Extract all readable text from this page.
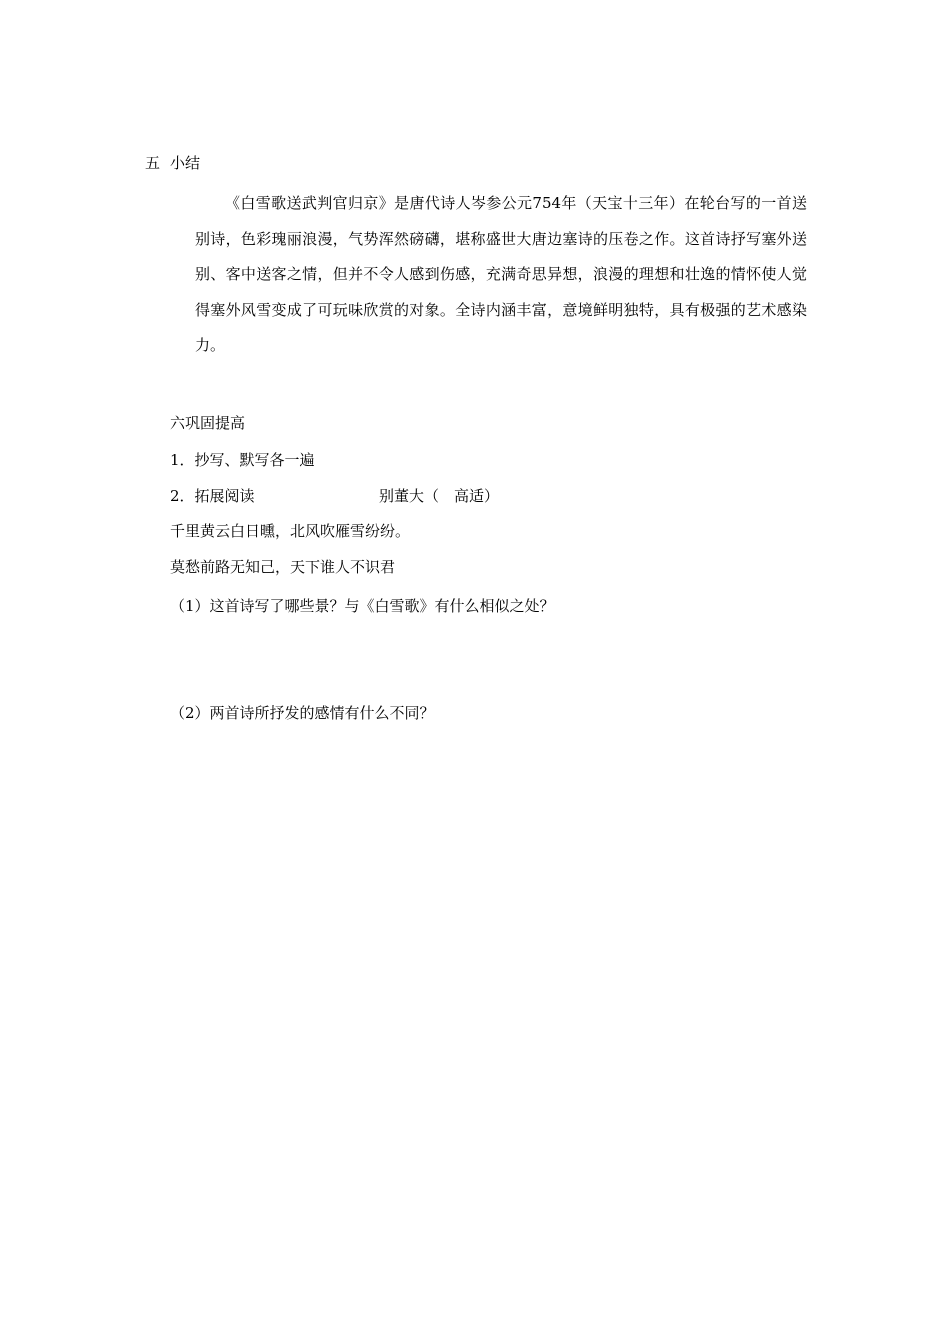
五 小结

《白雪歌送武判官归京》是唐代诗人岑参公元754年（天宝十三年）在轮台写的一首送别诗，色彩瑰丽浪漫，气势浑然磅礴，堪称盛世大唐边塞诗的压卷之作。这首诗抒写塞外送别、客中送客之情，但并不令人感到伤感，充满奇思异想，浪漫的理想和壮逸的情怀使人觉得塞外风雪变成了可玩味欣赏的对象。全诗内涵丰富，意境鲜明独特，具有极强的艺术感染力。

六巩固提高
1．抄写、默写各一遍
2．拓展阅读	别董大（　高适）
千里黄云白日曛，北风吹雁雪纷纷。
莫愁前路无知己，天下谁人不识君
（1）这首诗写了哪些景？与《白雪歌》有什么相似之处？
（2）两首诗所抒发的感情有什么不同？
